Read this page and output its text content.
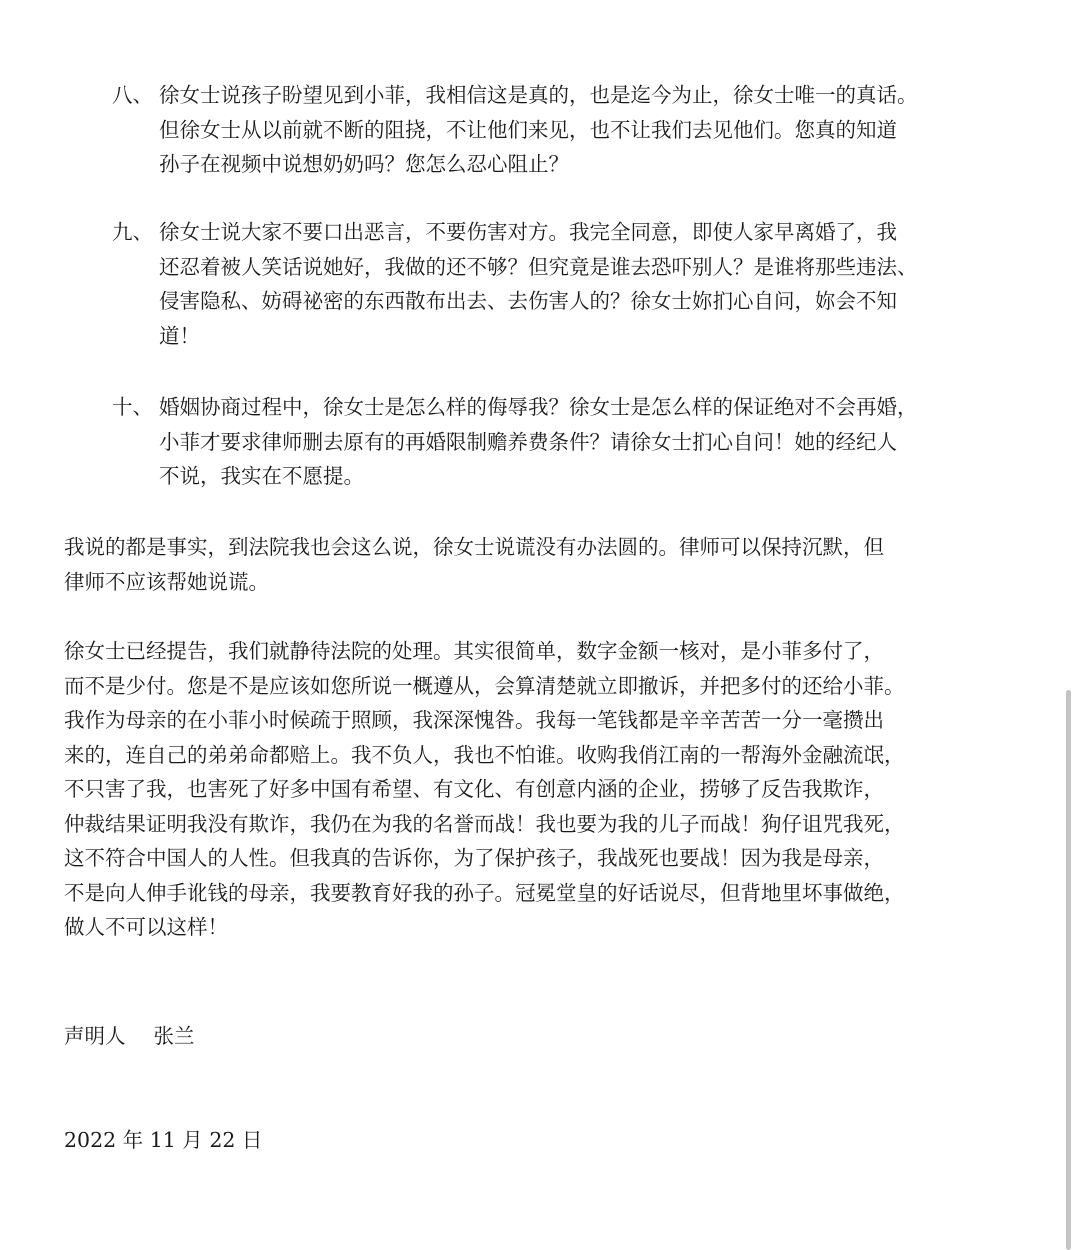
八、 徐女士说孩子盼望见到小菲，我相信这是真的，也是迄今为止，徐女士唯一的真话。
但徐女士从以前就不断的阻挠，不让他们来见，也不让我们去见他们。您真的知道
孙子在视频中说想奶奶吗？您怎么忍心阻止？
九、 徐女士说大家不要口出恶言，不要伤害对方。我完全同意，即使人家早离婚了，我
还忍着被人笑话说她好，我做的还不够？但究竟是谁去恐吓别人？是谁将那些违法、
侵害隐私、妨碍祕密的东西散布出去、去伤害人的？徐女士妳扪心自问，妳会不知
道！
十、 婚姻协商过程中，徐女士是怎么样的侮辱我？徐女士是怎么样的保证绝对不会再婚，
小菲才要求律师删去原有的再婚限制赡养费条件？请徐女士扪心自问！她的经纪人
不说，我实在不愿提。
我说的都是事实，到法院我也会这么说，徐女士说谎没有办法圆的。律师可以保持沉默，但
律师不应该帮她说谎。
徐女士已经提告，我们就静待法院的处理。其实很简单，数字金额一核对，是小菲多付了，
而不是少付。您是不是应该如您所说一概遵从，会算清楚就立即撤诉，并把多付的还给小菲。
我作为母亲的在小菲小时候疏于照顾，我深深愧咎。我每一笔钱都是辛辛苦苦一分一毫攒出
来的，连自己的弟弟命都赔上。我不负人，我也不怕谁。收购我俏江南的一帮海外金融流氓，
不只害了我，也害死了好多中国有希望、有文化、有创意内涵的企业，捞够了反告我欺诈，
仲裁结果证明我没有欺诈，我仍在为我的名誉而战！我也要为我的儿子而战！狗仔诅咒我死，
这不符合中国人的人性。但我真的告诉你，为了保护孩子，我战死也要战！因为我是母亲，
不是向人伸手讹钱的母亲，我要教育好我的孙子。冠冕堂皇的好话说尽，但背地里坏事做绝，
做人不可以这样！
声明人 张兰
2022 年 11 月 22 日
